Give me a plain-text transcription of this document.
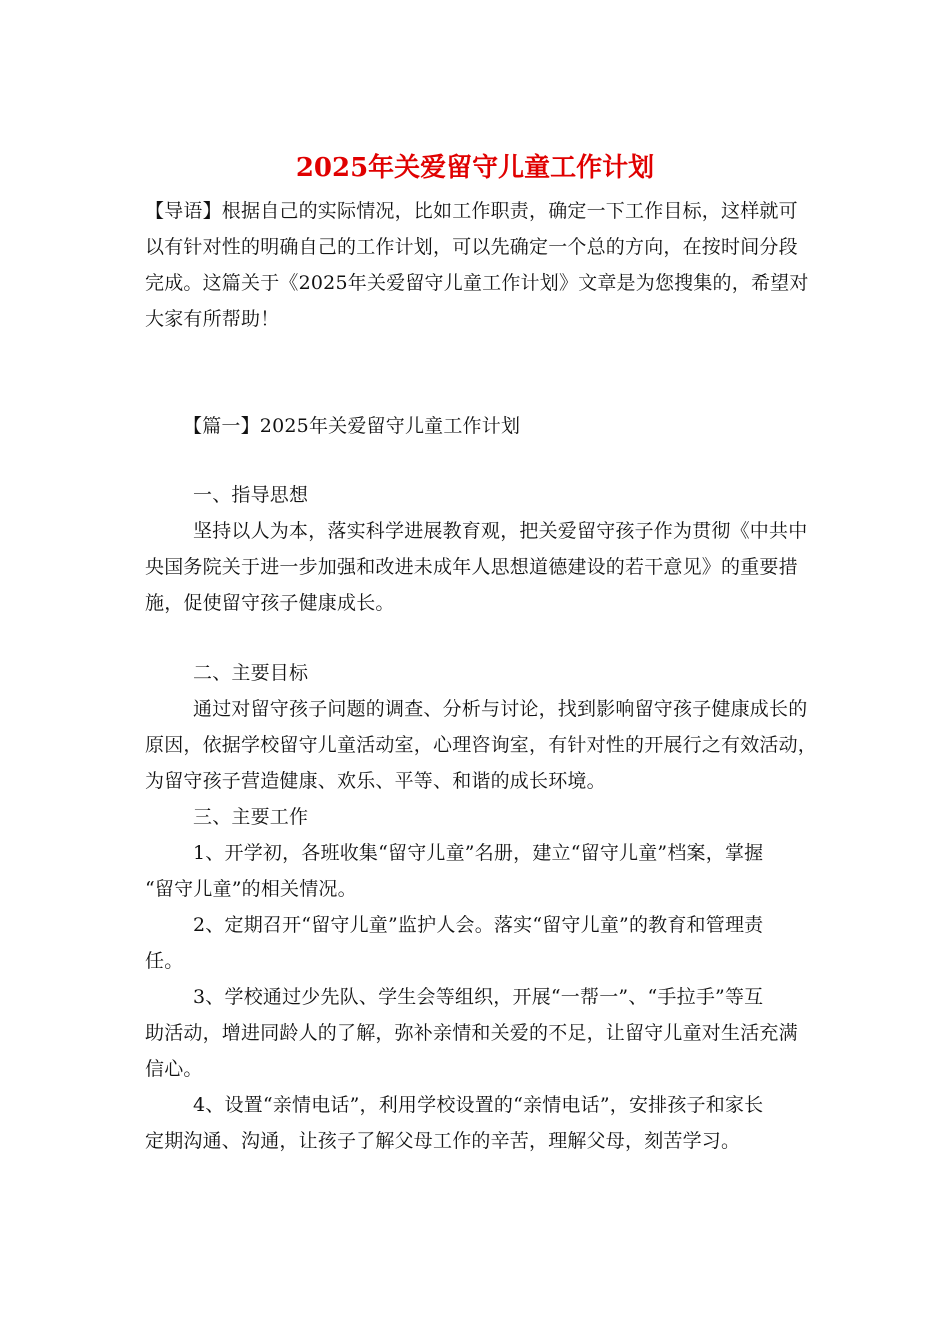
2025年关爱留守儿童工作计划
【导语】根据自己的实际情况，比如工作职责，确定一下工作目标，这样就可
以有针对性的明确自己的工作计划，可以先确定一个总的方向，在按时间分段
完成。这篇关于《2025年关爱留守儿童工作计划》文章是为您搜集的，希望对
大家有所帮助！
【篇一】2025年关爱留守儿童工作计划
一、指导思想
坚持以人为本，落实科学进展教育观，把关爱留守孩子作为贯彻《中共中
央国务院关于进一步加强和改进未成年人思想道德建设的若干意见》的重要措
施，促使留守孩子健康成长。
二、主要目标
通过对留守孩子问题的调查、分析与讨论，找到影响留守孩子健康成长的
原因，依据学校留守儿童活动室，心理咨询室，有针对性的开展行之有效活动，
为留守孩子营造健康、欢乐、平等、和谐的成长环境。
三、主要工作
1、开学初，各班收集“留守儿童”名册，建立“留守儿童”档案，掌握
“留守儿童”的相关情况。
2、定期召开“留守儿童”监护人会。落实“留守儿童”的教育和管理责
任。
3、学校通过少先队、学生会等组织，开展“一帮一”、“手拉手”等互
助活动，增进同龄人的了解，弥补亲情和关爱的不足，让留守儿童对生活充满
信心。
4、设置“亲情电话”，利用学校设置的“亲情电话”，安排孩子和家长
定期沟通、沟通，让孩子了解父母工作的辛苦，理解父母，刻苦学习。
